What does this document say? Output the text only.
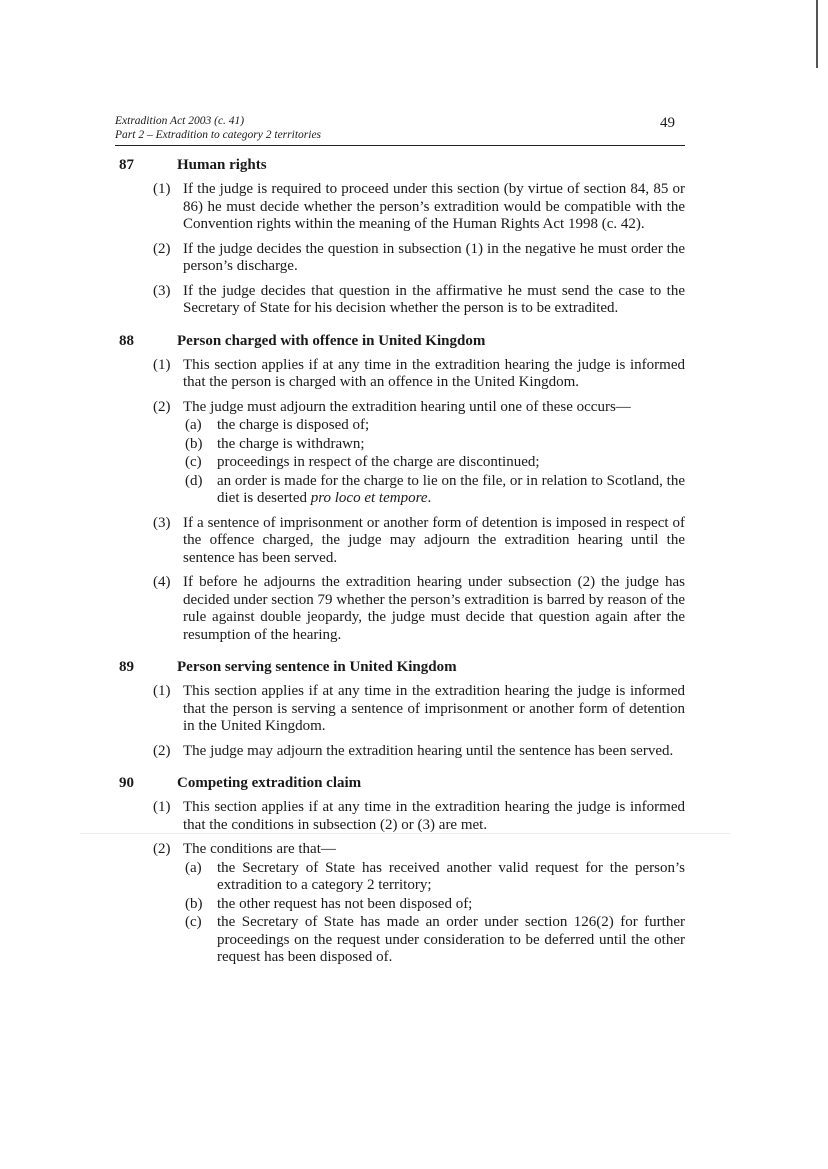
Extradition Act 2003 (c. 41)
Part 2 – Extradition to category 2 territories
49
87	Human rights
(1) If the judge is required to proceed under this section (by virtue of section 84, 85 or 86) he must decide whether the person’s extradition would be compatible with the Convention rights within the meaning of the Human Rights Act 1998 (c. 42).
(2) If the judge decides the question in subsection (1) in the negative he must order the person’s discharge.
(3) If the judge decides that question in the affirmative he must send the case to the Secretary of State for his decision whether the person is to be extradited.
88	Person charged with offence in United Kingdom
(1) This section applies if at any time in the extradition hearing the judge is informed that the person is charged with an offence in the United Kingdom.
(2) The judge must adjourn the extradition hearing until one of these occurs—
(a)	the charge is disposed of;
(b) the charge is withdrawn;
(c)	proceedings in respect of the charge are discontinued;
(d) an order is made for the charge to lie on the file, or in relation to Scotland, the diet is deserted pro loco et tempore.
(3) If a sentence of imprisonment or another form of detention is imposed in respect of the offence charged, the judge may adjourn the extradition hearing until the sentence has been served.
(4) If before he adjourns the extradition hearing under subsection (2) the judge has decided under section 79 whether the person’s extradition is barred by reason of the rule against double jeopardy, the judge must decide that question again after the resumption of the hearing.
89	Person serving sentence in United Kingdom
(1) This section applies if at any time in the extradition hearing the judge is informed that the person is serving a sentence of imprisonment or another form of detention in the United Kingdom.
(2) The judge may adjourn the extradition hearing until the sentence has been served.
90	Competing extradition claim
(1) This section applies if at any time in the extradition hearing the judge is informed that the conditions in subsection (2) or (3) are met.
(2) The conditions are that—
(a)	the Secretary of State has received another valid request for the person’s extradition to a category 2 territory;
(b) the other request has not been disposed of;
(c)	the Secretary of State has made an order under section 126(2) for further proceedings on the request under consideration to be deferred until the other request has been disposed of.
